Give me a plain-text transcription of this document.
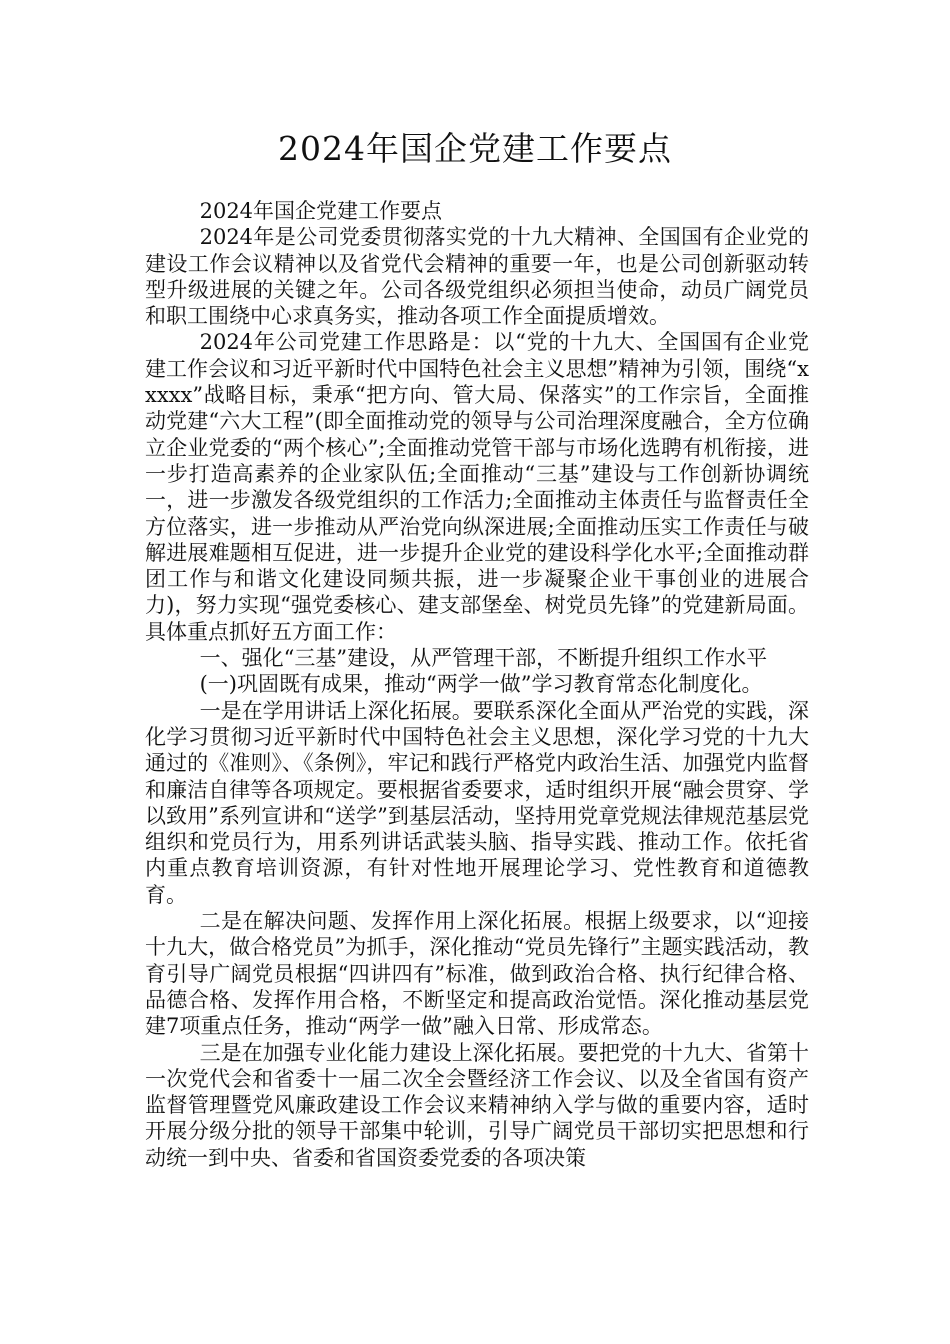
2024年国企党建工作要点

2024年国企党建工作要点

2024年是公司党委贯彻落实党的十九大精神、全国国有企业党的建设工作会议精神以及省党代会精神的重要一年，也是公司创新驱动转型升级进展的关键之年。公司各级党组织必须担当使命，动员广阔党员和职工围绕中心求真务实，推动各项工作全面提质增效。

2024年公司党建工作思路是：以“党的十九大、全国国有企业党建工作会议和习近平新时代中国特色社会主义思想”精神为引领，围绕“xxxxx”战略目标，秉承“把方向、管大局、保落实”的工作宗旨，全面推动党建“六大工程”(即全面推动党的领导与公司治理深度融合，全方位确立企业党委的“两个核心”;全面推动党管干部与市场化选聘有机衔接，进一步打造高素养的企业家队伍;全面推动“三基”建设与工作创新协调统一，进一步激发各级党组织的工作活力;全面推动主体责任与监督责任全方位落实，进一步推动从严治党向纵深进展;全面推动压实工作责任与破解进展难题相互促进，进一步提升企业党的建设科学化水平;全面推动群团工作与和谐文化建设同频共振，进一步凝聚企业干事创业的进展合力)，努力实现“强党委核心、建支部堡垒、树党员先锋”的党建新局面。具体重点抓好五方面工作：

一、强化“三基”建设，从严管理干部，不断提升组织工作水平

(一)巩固既有成果，推动“两学一做”学习教育常态化制度化。

一是在学用讲话上深化拓展。要联系深化全面从严治党的实践，深化学习贯彻习近平新时代中国特色社会主义思想，深化学习党的十九大通过的《准则》、《条例》，牢记和践行严格党内政治生活、加强党内监督和廉洁自律等各项规定。要根据省委要求，适时组织开展“融会贯穿、学以致用”系列宣讲和“送学”到基层活动，坚持用党章党规法律规范基层党组织和党员行为，用系列讲话武装头脑、指导实践、推动工作。依托省内重点教育培训资源，有针对性地开展理论学习、党性教育和道德教育。

二是在解决问题、发挥作用上深化拓展。根据上级要求，以“迎接十九大，做合格党员”为抓手，深化推动“党员先锋行”主题实践活动，教育引导广阔党员根据“四讲四有”标准，做到政治合格、执行纪律合格、品德合格、发挥作用合格，不断坚定和提高政治觉悟。深化推动基层党建7项重点任务，推动“两学一做”融入日常、形成常态。

三是在加强专业化能力建设上深化拓展。要把党的十九大、省第十一次党代会和省委十一届二次全会暨经济工作会议、以及全省国有资产监督管理暨党风廉政建设工作会议来精神纳入学与做的重要内容，适时开展分级分批的领导干部集中轮训，引导广阔党员干部切实把思想和行动统一到中央、省委和省国资委党委的各项决策
